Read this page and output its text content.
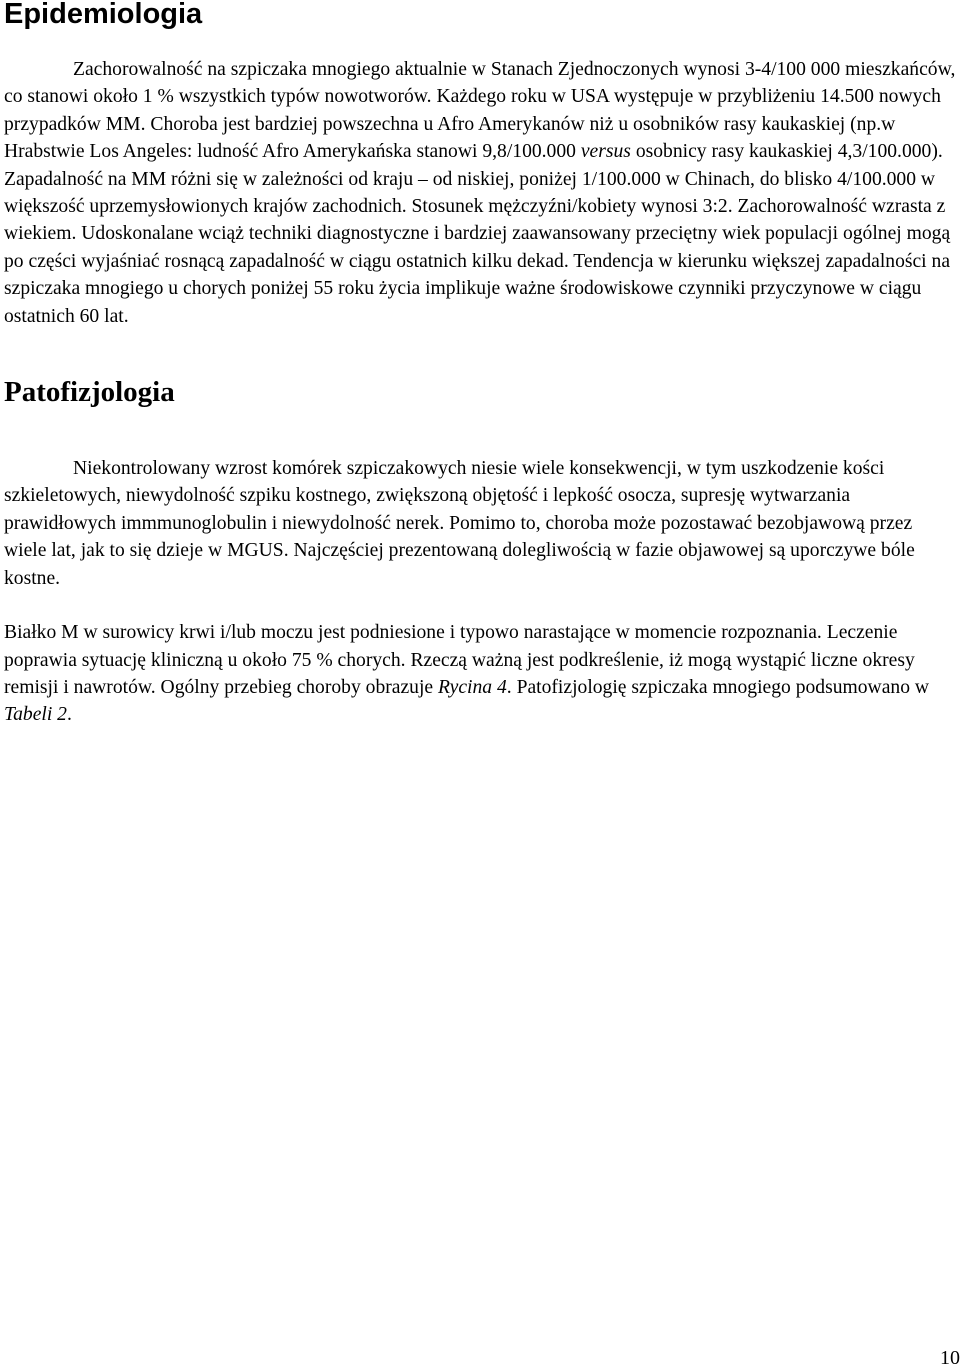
Epidemiologia

Zachorowalność na szpiczaka mnogiego aktualnie w Stanach Zjednoczonych wynosi 3-4/100 000 mieszkańców, co stanowi około 1 % wszystkich typów nowotworów. Każdego roku w USA występuje w przybliżeniu 14.500 nowych przypadków MM. Choroba jest bardziej powszechna u Afro Amerykanów niż u osobników rasy kaukaskiej (np.w Hrabstwie Los Angeles: ludność Afro Amerykańska stanowi 9,8/100.000 versus osobnicy rasy kaukaskiej 4,3/100.000). Zapadalność na MM różni się w zależności od kraju – od niskiej, poniżej 1/100.000 w Chinach, do blisko 4/100.000 w większość uprzemysłowionych krajów zachodnich. Stosunek mężczyźni/kobiety wynosi 3:2. Zachorowalność wzrasta z wiekiem. Udoskonalane wciąż techniki diagnostyczne i bardziej zaawansowany przeciętny wiek populacji ogólnej mogą po części wyjaśniać rosnącą zapadalność w ciągu ostatnich kilku dekad. Tendencja w kierunku większej zapadalności na szpiczaka mnogiego u chorych poniżej 55 roku życia implikuje ważne środowiskowe czynniki przyczynowe w ciągu ostatnich 60 lat.

Patofizjologia

Niekontrolowany wzrost komórek szpiczakowych niesie wiele konsekwencji, w tym uszkodzenie kości szkieletowych, niewydolność szpiku kostnego, zwiększoną objętość i lepkość osocza, supresję wytwarzania prawidłowych immmunoglobulin i niewydolność nerek. Pomimo to, choroba może pozostawać bezobjawową przez wiele lat, jak to się dzieje w MGUS. Najczęściej prezentowaną dolegliwością w fazie objawowej są uporczywe bóle kostne.

Białko M w surowicy krwi i/lub moczu jest podniesione i typowo narastające w momencie rozpoznania. Leczenie poprawia sytuację kliniczną u około 75 % chorych. Rzeczą ważną jest podkreślenie, iż mogą wystąpić liczne okresy remisji i nawrotów. Ogólny przebieg choroby obrazuje Rycina 4. Patofizjologię szpiczaka mnogiego podsumowano w Tabeli 2.

10
